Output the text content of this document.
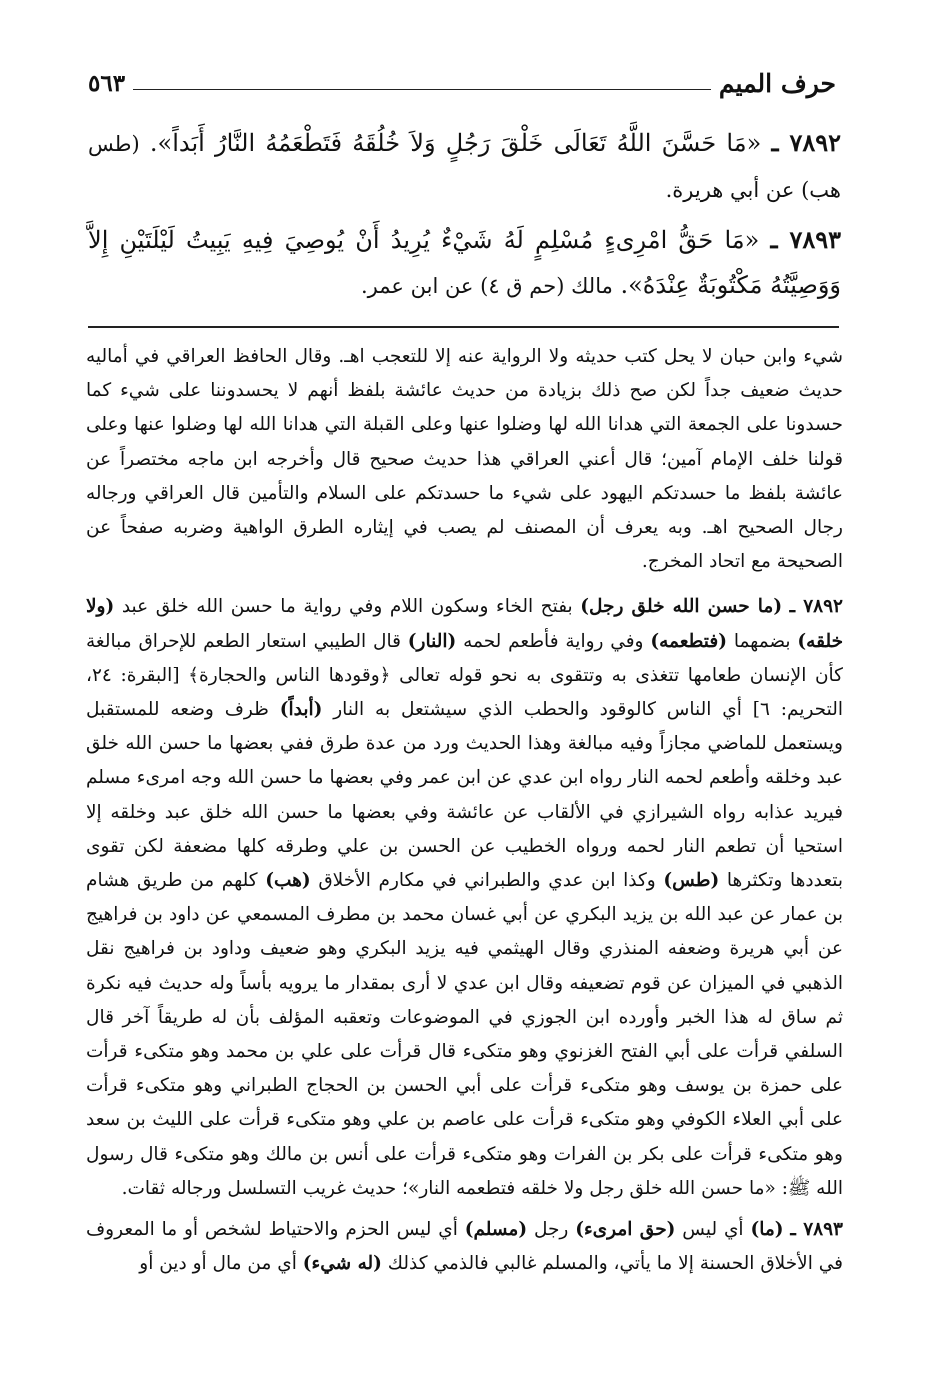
حرف الميم
٥٦٣

٧٨٩٢ ـ «مَا حَسَّنَ اللَّهُ تَعَالَى خَلْقَ رَجُلٍ وَلاَ خُلُقَهُ فَتَطْعَمُهُ النَّارُ أَبَداً». (طس هب) عن أبي هريرة.

٧٨٩٣ ـ «مَا حَقُّ امْرِىءٍ مُسْلِمٍ لَهُ شَيْءٌ يُرِيدُ أَنْ يُوصِيَ فِيهِ يَبِيتُ لَيْلَتَيْنِ إِلاَّ وَوَصِيَّتُهُ مَكْتُوبَةٌ عِنْدَهُ». مالك (حم ق ٤) عن ابن عمر.

شيء وابن حبان لا يحل كتب حديثه ولا الرواية عنه إلا للتعجب اهـ. وقال الحافظ العراقي في أماليه حديث ضعيف جداً لكن صح ذلك بزيادة من حديث عائشة بلفظ أنهم لا يحسدوننا على شيء كما حسدونا على الجمعة التي هدانا الله لها وضلوا عنها وعلى القبلة التي هدانا الله لها وضلوا عنها وعلى قولنا خلف الإمام آمين؛ قال أعني العراقي هذا حديث صحيح قال وأخرجه ابن ماجه مختصراً عن عائشة بلفظ ما حسدتكم اليهود على شيء ما حسدتكم على السلام والتأمين قال العراقي ورجاله رجال الصحيح اهـ. وبه يعرف أن المصنف لم يصب في إيثاره الطرق الواهية وضربه صفحاً عن الصحيحة مع اتحاد المخرج.

٧٨٩٢ ـ (ما حسن الله خلق رجل) بفتح الخاء وسكون اللام وفي رواية ما حسن الله خلق عبد (ولا خلقه) بضمهما (فتطعمه) وفي رواية فأطعم لحمه (النار) قال الطيبي استعار الطعم للإحراق مبالغة كأن الإنسان طعامها تتغذى به وتتقوى به نحو قوله تعالى ﴿وقودها الناس والحجارة﴾ [البقرة: ٢٤، التحريم: ٦] أي الناس كالوقود والحطب الذي سيشتعل به النار (أبداً) ظرف وضعه للمستقبل ويستعمل للماضي مجازاً وفيه مبالغة وهذا الحديث ورد من عدة طرق ففي بعضها ما حسن الله خلق عبد وخلقه وأطعم لحمه النار رواه ابن عدي عن ابن عمر وفي بعضها ما حسن الله وجه امرىء مسلم فيريد عذابه رواه الشيرازي في الألقاب عن عائشة وفي بعضها ما حسن الله خلق عبد وخلقه إلا استحيا أن تطعم النار لحمه ورواه الخطيب عن الحسن بن علي وطرقه كلها مضعفة لكن تقوى بتعددها وتكثرها (طس) وكذا ابن عدي والطبراني في مكارم الأخلاق (هب) كلهم من طريق هشام بن عمار عن عبد الله بن يزيد البكري عن أبي غسان محمد بن مطرف المسمعي عن داود بن فراهيج عن أبي هريرة وضعفه المنذري وقال الهيثمي فيه يزيد البكري وهو ضعيف وداود بن فراهيج نقل الذهبي في الميزان عن قوم تضعيفه وقال ابن عدي لا أرى بمقدار ما يرويه بأساً وله حديث فيه نكرة ثم ساق له هذا الخبر وأورده ابن الجوزي في الموضوعات وتعقبه المؤلف بأن له طريقاً آخر قال السلفي قرأت على أبي الفتح الغزنوي وهو متكىء قال قرأت على علي بن محمد وهو متكىء قرأت على حمزة بن يوسف وهو متكىء قرأت على أبي الحسن بن الحجاج الطبراني وهو متكىء قرأت على أبي العلاء الكوفي وهو متكىء قرأت على عاصم بن علي وهو متكىء قرأت على الليث بن سعد وهو متكىء قرأت على بكر بن الفرات وهو متكىء قرأت على أنس بن مالك وهو متكىء قال رسول الله ﷺ: «ما حسن الله خلق رجل ولا خلقه فتطعمه النار»؛ حديث غريب التسلسل ورجاله ثقات.

٧٨٩٣ ـ (ما) أي ليس (حق امرىء) رجل (مسلم) أي ليس الحزم والاحتياط لشخص أو ما المعروف في الأخلاق الحسنة إلا ما يأتي، والمسلم غالبي فالذمي كذلك (له شيء) أي من مال أو دين أو
